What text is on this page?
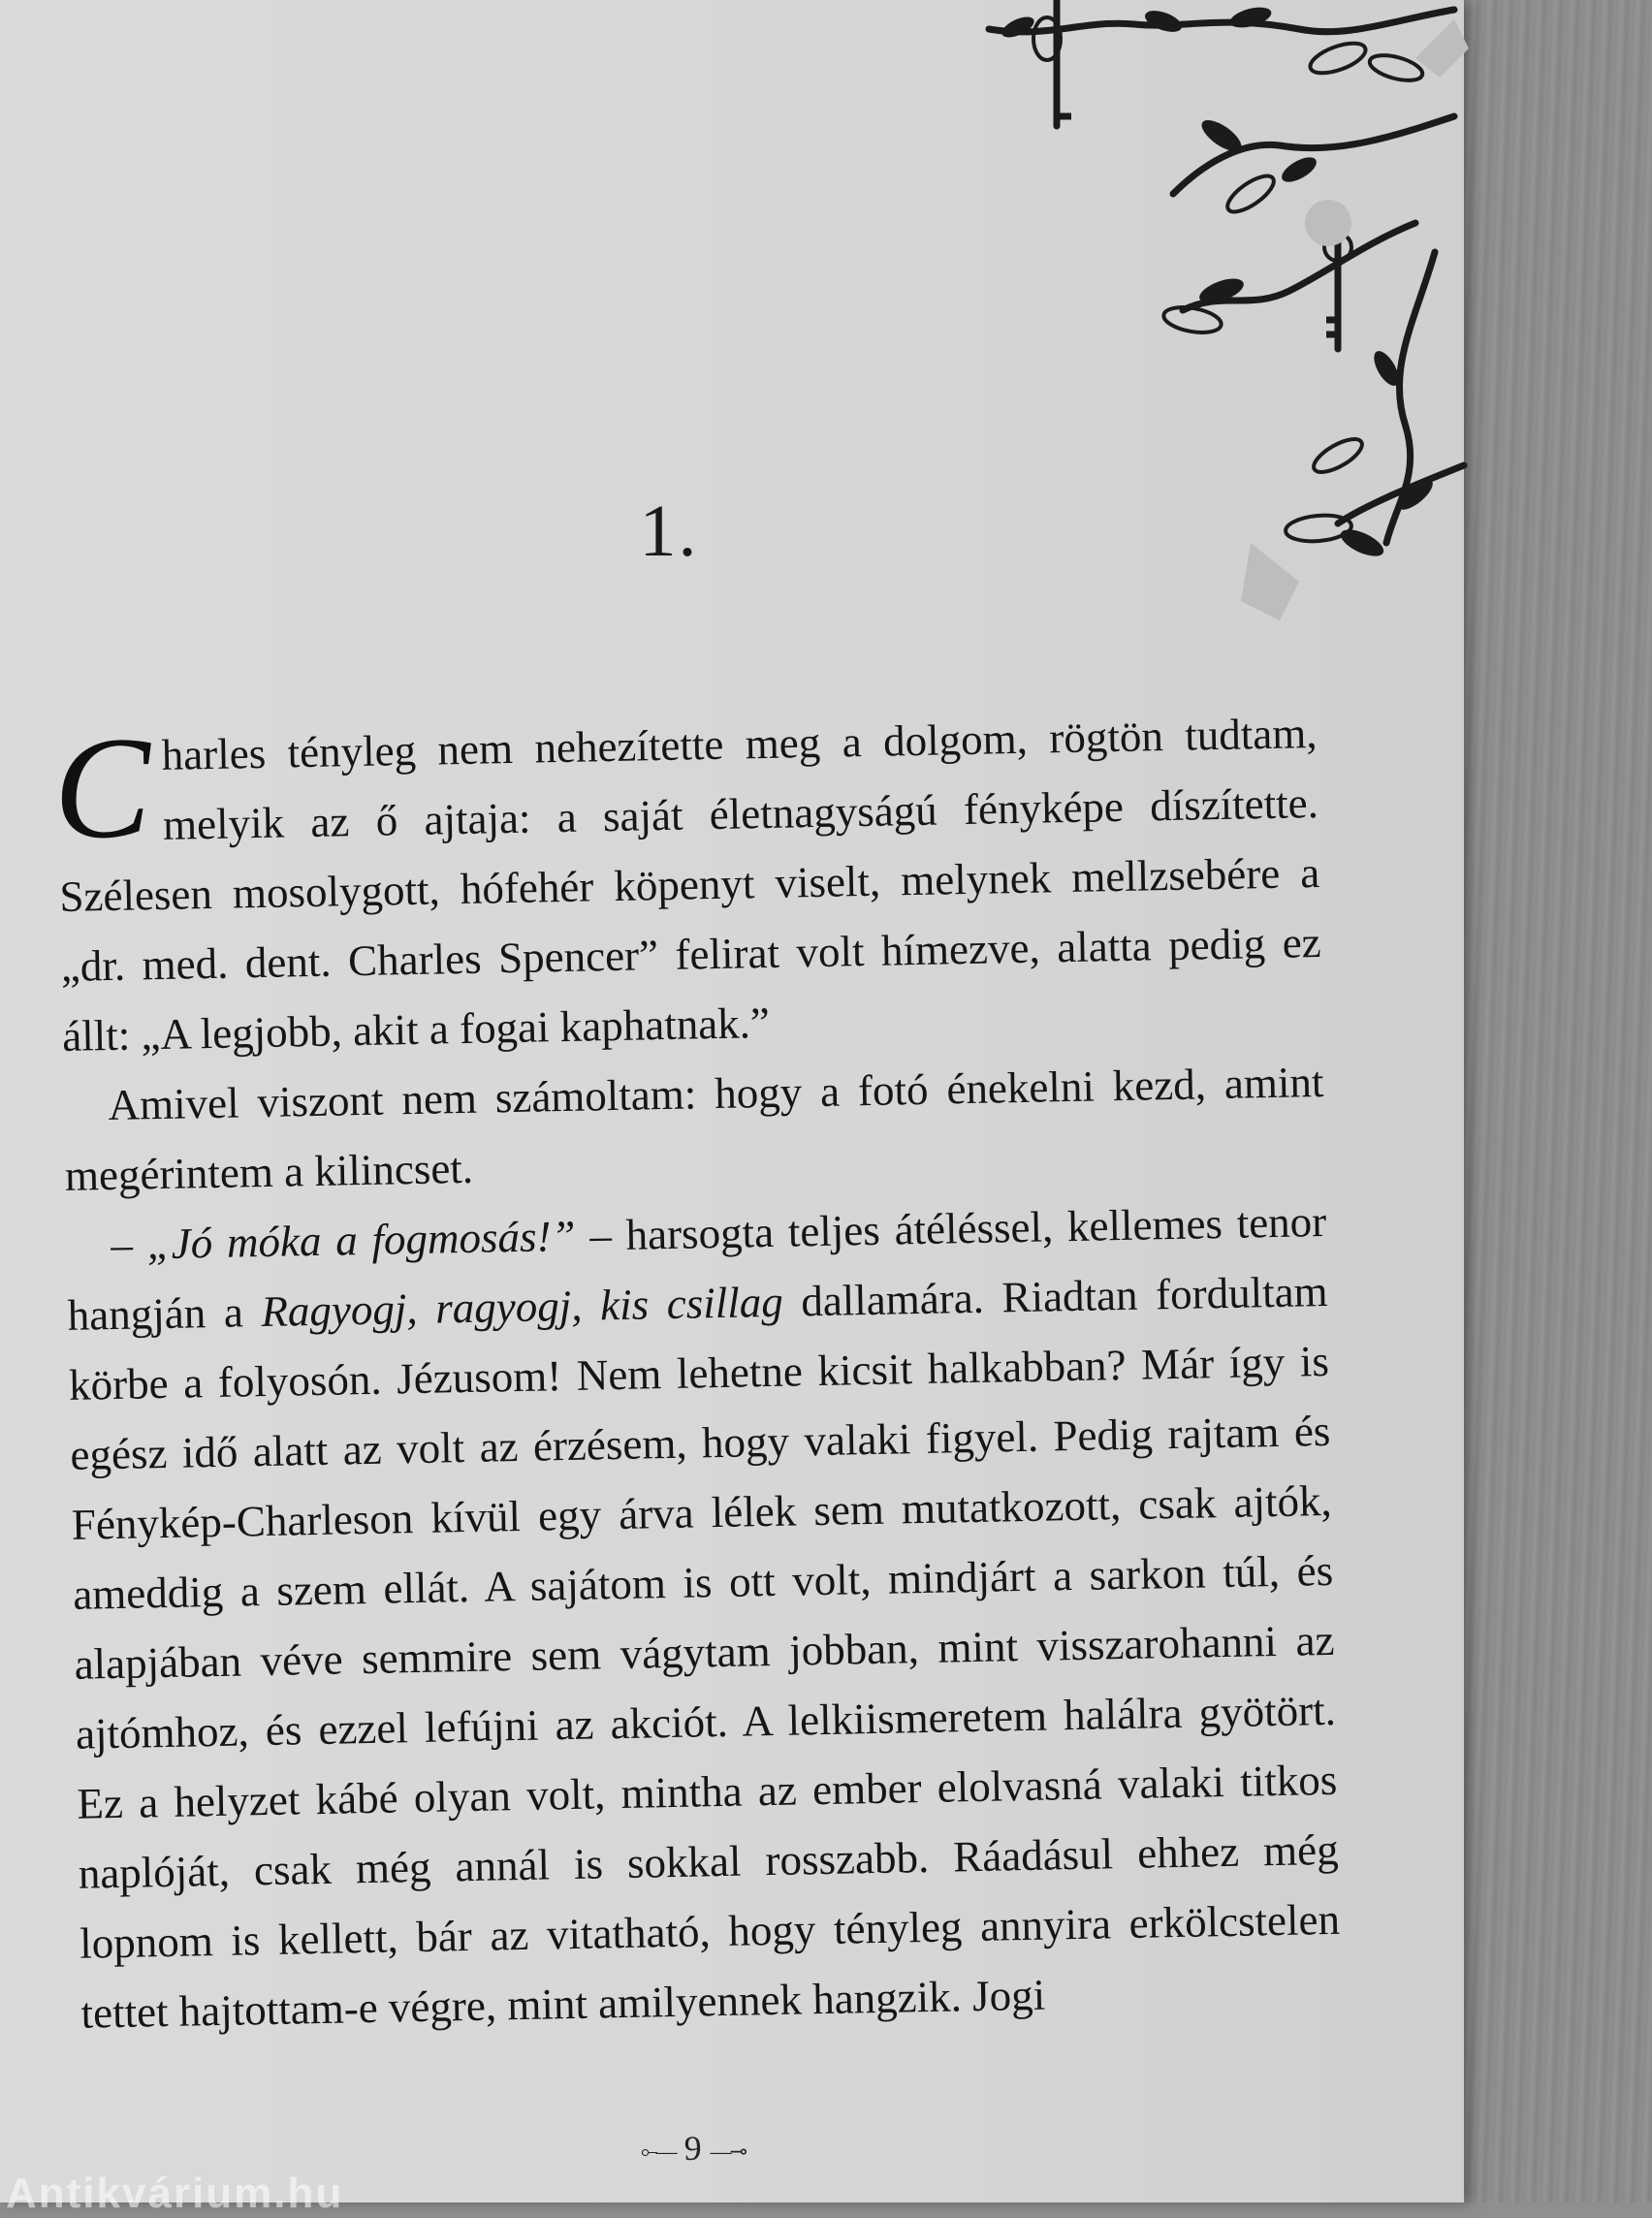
1.

Charles tényleg nem nehezítette meg a dolgom, rögtön tudtam, melyik az ő ajtaja: a saját életnagyságú fényképe díszítette. Szélesen mosolygott, hófehér köpenyt viselt, melynek mellzsebére a „dr. med. dent. Charles Spencer” felirat volt hímezve, alatta pedig ez állt: „A legjobb, akit a fogai kaphatnak.”

Amivel viszont nem számoltam: hogy a fotó énekelni kezd, amint megérintem a kilincset.

– „Jó móka a fogmosás!” – harsogta teljes átéléssel, kellemes tenor hangján a Ragyogj, ragyogj, kis csillag dallamára. Riadtan fordultam körbe a folyosón. Jézusom! Nem lehetne kicsit halkabban? Már így is egész idő alatt az volt az érzésem, hogy valaki figyel. Pedig rajtam és Fénykép-Charleson kívül egy árva lélek sem mutatkozott, csak ajtók, ameddig a szem ellát. A sajátom is ott volt, mindjárt a sarkon túl, és alapjában véve semmire sem vágytam jobban, mint visszarohanni az ajtómhoz, és ezzel lefújni az akciót. A lelkiismeretem halálra gyötört. Ez a helyzet kábé olyan volt, mintha az ember elolvasná valaki titkos naplóját, csak még annál is sokkal rosszabb. Ráadásul ehhez még lopnom is kellett, bár az vitatható, hogy tényleg annyira erkölcstelen tettet hajtottam-e végre, mint amilyennek hangzik. Jogi

⟜— 9 —⊸
Antikvárium.hu
